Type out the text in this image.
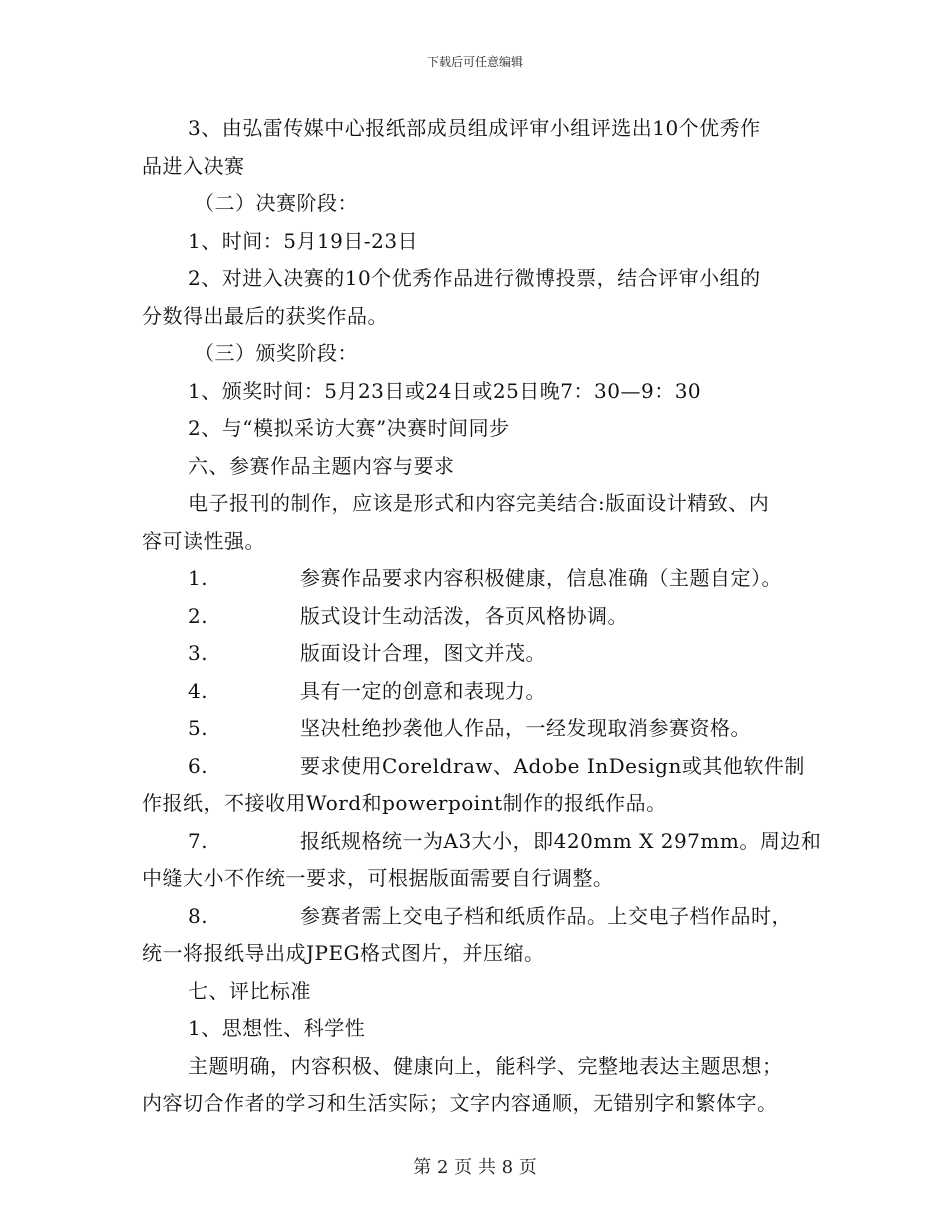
下载后可任意编辑
3、由弘雷传媒中心报纸部成员组成评审小组评选出10个优秀作
品进入决赛
（二）决赛阶段：
1、时间：5月19日-23日
2、对进入决赛的10个优秀作品进行微博投票，结合评审小组的
分数得出最后的获奖作品。
（三）颁奖阶段：
1、颁奖时间：5月23日或24日或25日晚7：30—9：30
2、与“模拟采访大赛”决赛时间同步
六、参赛作品主题内容与要求
电子报刊的制作，应该是形式和内容完美结合:版面设计精致、内
容可读性强。
1.	参赛作品要求内容积极健康，信息准确（主题自定）。
2.	版式设计生动活泼，各页风格协调。
3.	版面设计合理，图文并茂。
4.	具有一定的创意和表现力。
5.	坚决杜绝抄袭他人作品，一经发现取消参赛资格。
6.	要求使用Coreldraw、Adobe InDesign或其他软件制
作报纸，不接收用Word和powerpoint制作的报纸作品。
7.	报纸规格统一为A3大小，即420mm X 297mm。周边和
中缝大小不作统一要求，可根据版面需要自行调整。
8.	参赛者需上交电子档和纸质作品。上交电子档作品时，
统一将报纸导出成JPEG格式图片，并压缩。
七、评比标准
1、思想性、科学性
主题明确，内容积极、健康向上，能科学、完整地表达主题思想；
内容切合作者的学习和生活实际；文字内容通顺，无错别字和繁体字。
第 2 页 共 8 页
